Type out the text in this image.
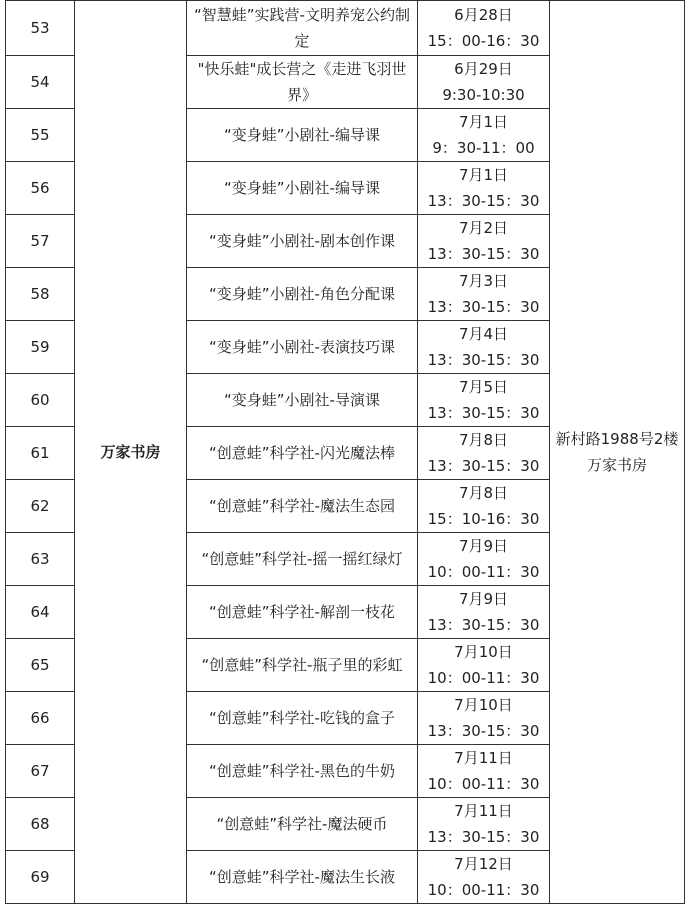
53	万家书房	“智慧蛙”实践营-文明养宠公约制定	6月28日
15：00-16：30	新村路1988号2楼万家书房
54		"快乐蛙"成长营之《走进飞羽世界》	6月29日
9:30-10:30	

55		“变身蛙”小剧社-编导课	7月1日
9：30-11：00	

56		“变身蛙”小剧社-编导课	7月1日
13：30-15：30	

57		“变身蛙”小剧社-剧本创作课	7月2日
13：30-15：30	

58		“变身蛙”小剧社-角色分配课	7月3日
13：30-15：30	

59		“变身蛙”小剧社-表演技巧课	7月4日
13：30-15：30	

60		“变身蛙”小剧社-导演课	7月5日
13：30-15：30	

61		“创意蛙”科学社-闪光魔法棒	7月8日
13：30-15：30	

62		“创意蛙”科学社-魔法生态园	7月8日
15：10-16：30	

63		“创意蛙”科学社-摇一摇红绿灯	7月9日
10：00-11：30	

64		“创意蛙”科学社-解剖一枝花	7月9日
13：30-15：30	

65		“创意蛙”科学社-瓶子里的彩虹	7月10日
10：00-11：30	

66		“创意蛙”科学社-吃钱的盒子	7月10日
13：30-15：30	

67		“创意蛙”科学社-黑色的牛奶	7月11日
10：00-11：30	

68		“创意蛙”科学社-魔法硬币	7月11日
13：30-15：30	

69		“创意蛙”科学社-魔法生长液	7月12日
10：00-11：30	
